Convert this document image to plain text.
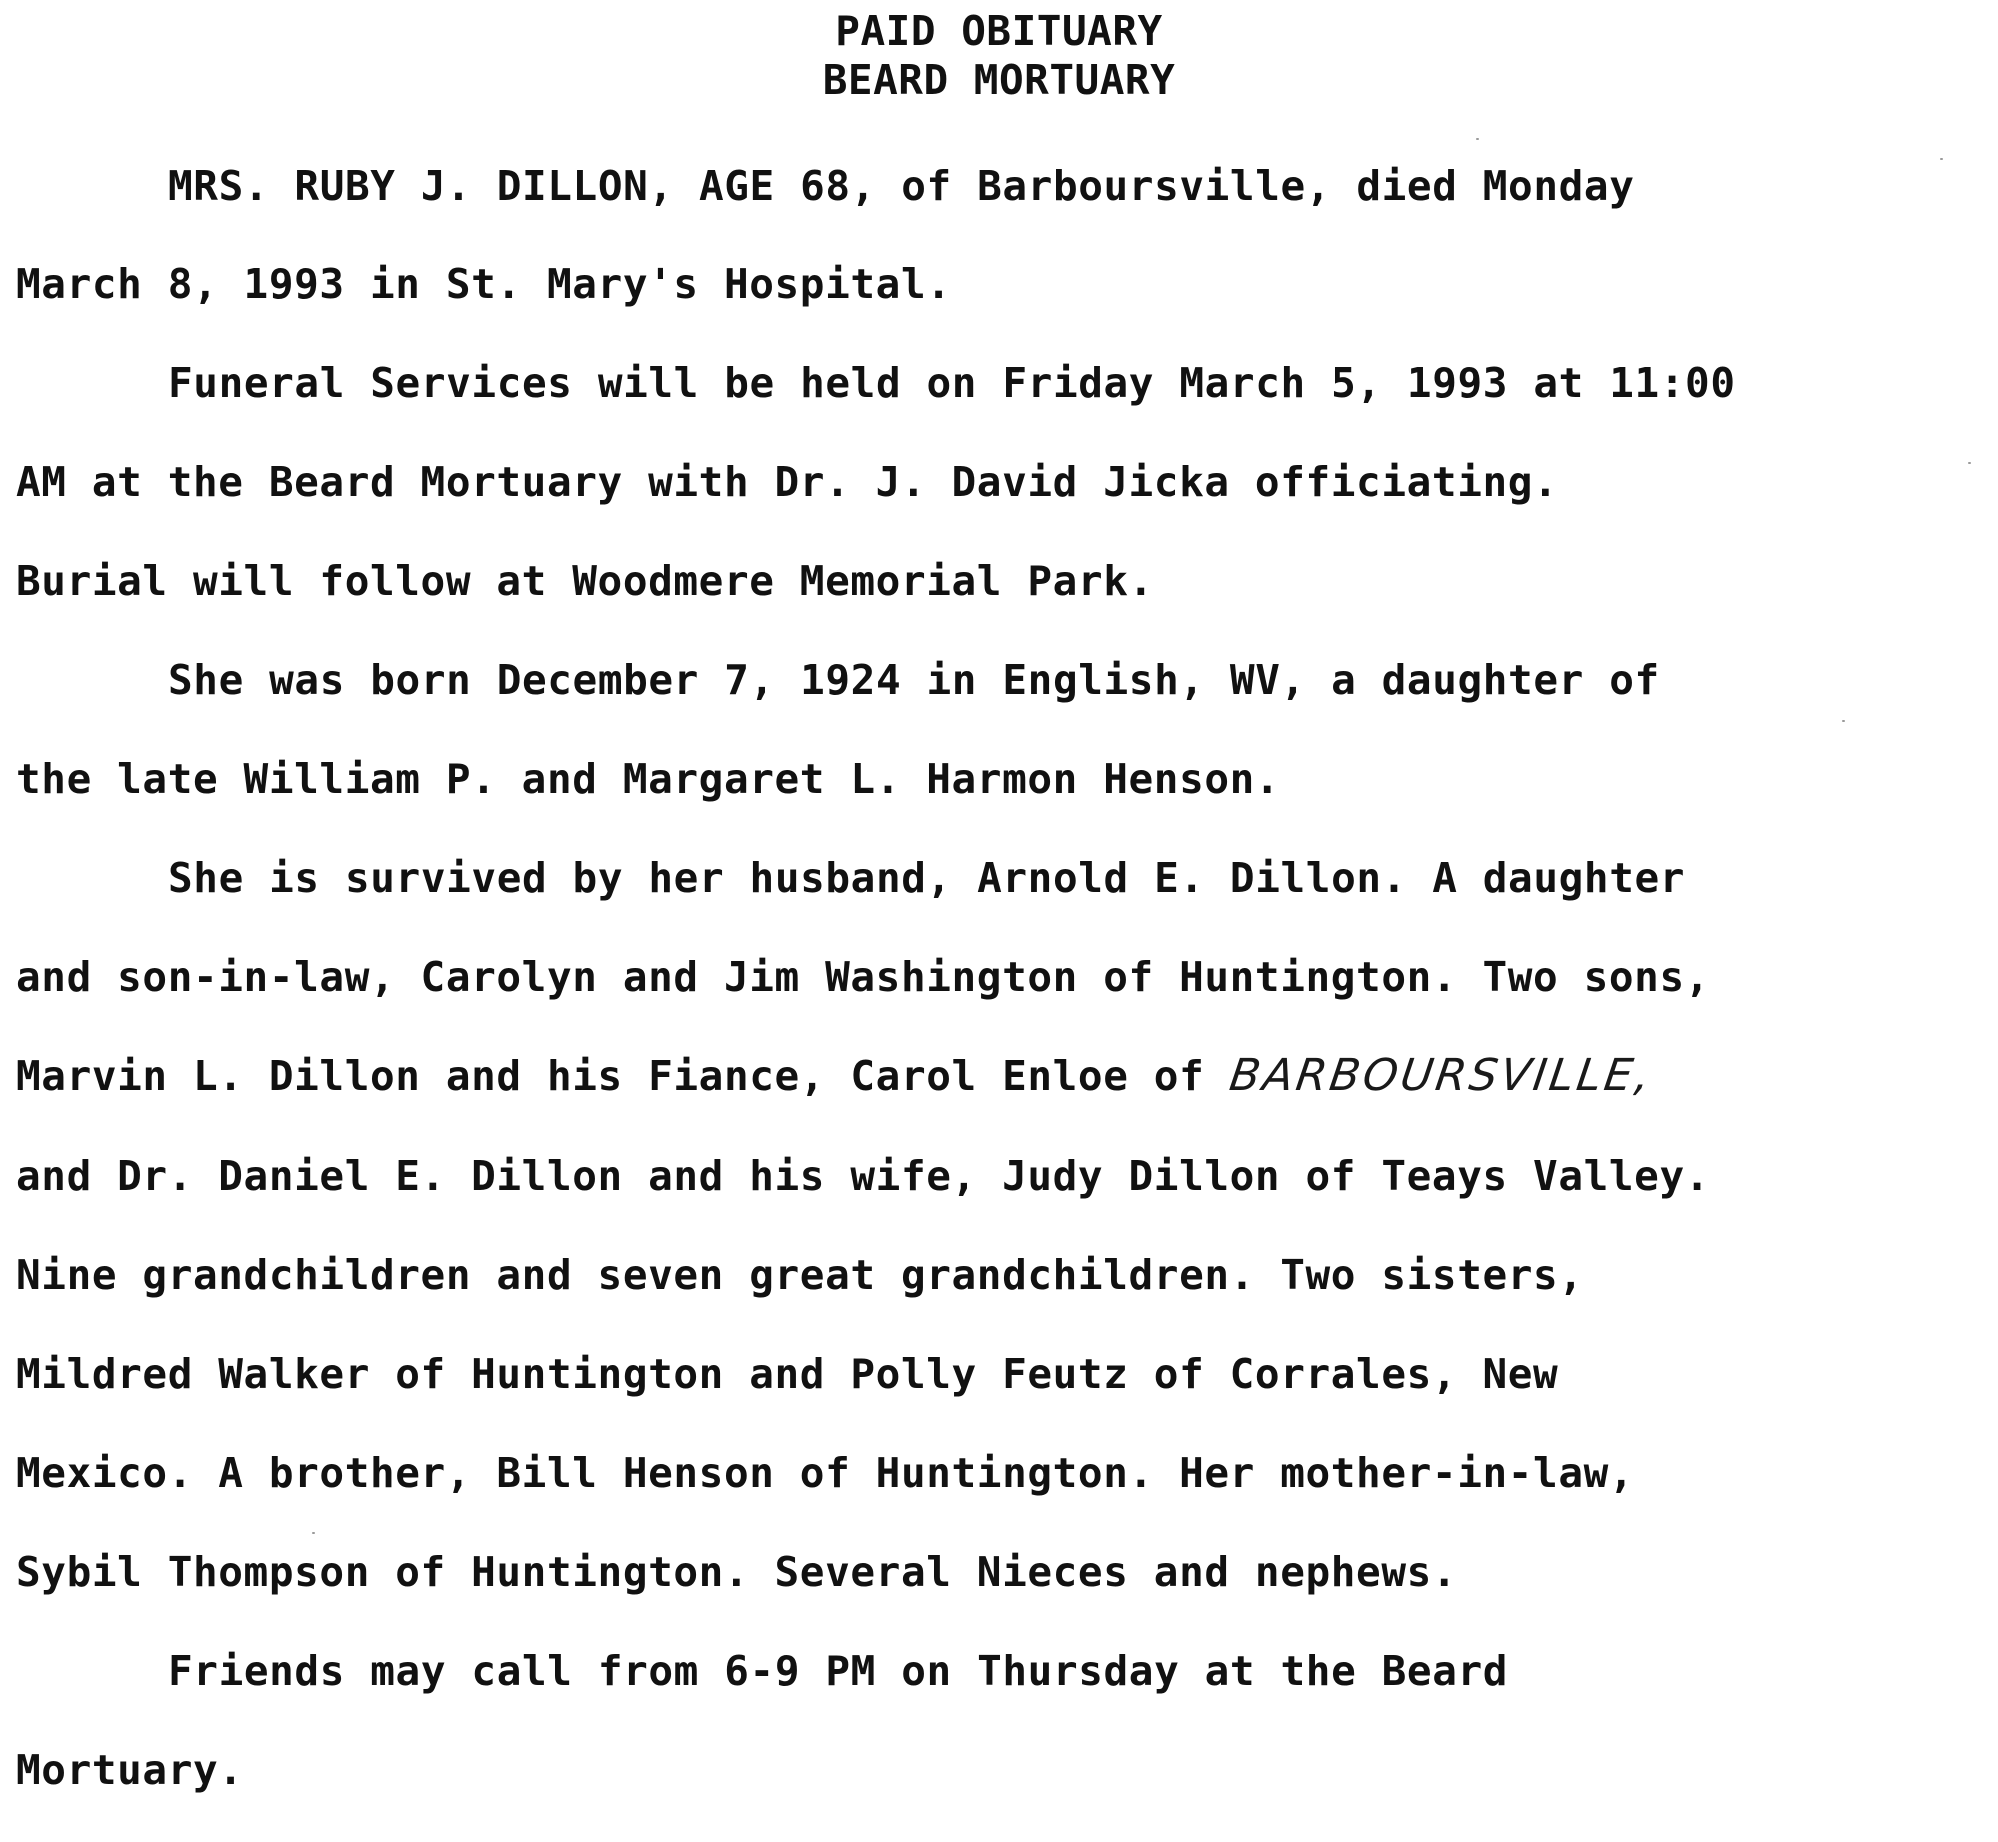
PAID OBITUARY
BEARD MORTUARY
MRS. RUBY J. DILLON, AGE 68, of Barboursville, died Monday
March 8, 1993 in St. Mary's Hospital.
Funeral Services will be held on Friday March 5, 1993 at 11:00
AM at the Beard Mortuary with Dr. J. David Jicka officiating.
Burial will follow at Woodmere Memorial Park.
She was born December 7, 1924 in English, WV, a daughter of
the late William P. and Margaret L. Harmon Henson.
She is survived by her husband, Arnold E. Dillon. A daughter
and son-in-law, Carolyn and Jim Washington of Huntington. Two sons,
Marvin L. Dillon and his Fiance, Carol Enloe of BARBOURSVILLE,
and Dr. Daniel E. Dillon and his wife, Judy Dillon of Teays Valley.
Nine grandchildren and seven great grandchildren. Two sisters,
Mildred Walker of Huntington and Polly Feutz of Corrales, New
Mexico. A brother, Bill Henson of Huntington. Her mother-in-law,
Sybil Thompson of Huntington. Several Nieces and nephews.
Friends may call from 6-9 PM on Thursday at the Beard
Mortuary.
